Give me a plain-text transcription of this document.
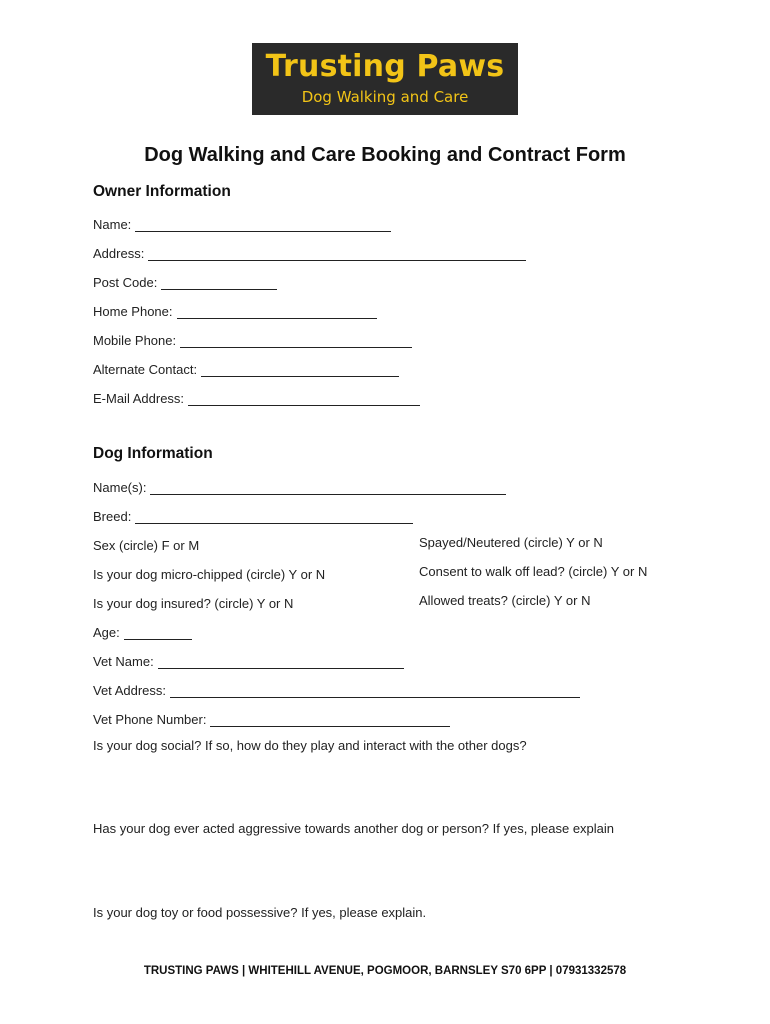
Trusting Paws
Dog Walking and Care
Dog Walking and Care Booking and Contract Form
Owner Information
Name:
Address:
Post Code:
Home Phone:
Mobile Phone:
Alternate Contact:
E-Mail Address:
Dog Information
Name(s):
Breed:
Sex (circle) F or M	Spayed/Neutered (circle) Y or N
Is your dog micro-chipped (circle) Y or N	Consent to walk off lead? (circle) Y or N
Is your dog insured? (circle) Y or N	Allowed treats? (circle) Y or N
Age:
Vet Name:
Vet Address:
Vet Phone Number:
Is your dog social? If so, how do they play and interact with the other dogs?
Has your dog ever acted aggressive towards another dog or person? If yes, please explain
Is your dog toy or food possessive? If yes, please explain.
TRUSTING PAWS | WHITEHILL AVENUE, POGMOOR, BARNSLEY S70 6PP | 07931332578
